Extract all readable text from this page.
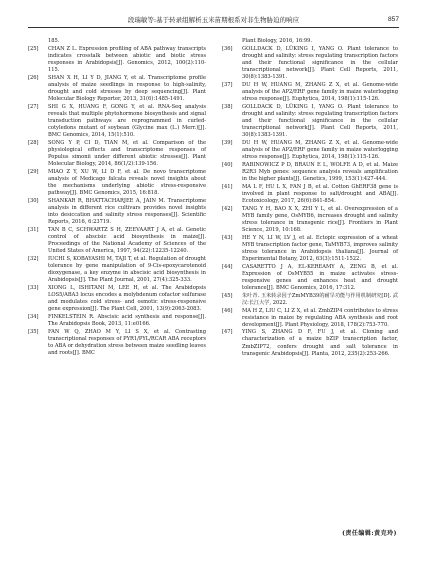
段瑞敏等:基于转录组解析玉米苗期根系对非生物胁迫的响应	857
185.
[25] CHAN Z L. Expression profiling of ABA pathway transcripts indicates crosstalk between abiotic and biotic stress responses in Arabidopsis[J]. Genomics, 2012, 100(2):110-115.
[26] SHAN X H, LI Y D, JIANG Y, et al. Transcriptome profile analysis of maize seedlings in response to high-salinity, drought and cold stresses by deep sequencing[J]. Plant Molecular Biology Reporter, 2013, 31(6):1485-1491.
[27] SHI G X, HUANG F, GONG Y, et al. RNA-Seq analysis reveals that multiple phytohormone biosynthesis and signal transduction pathways are reprogrammed in curled-cotyledons mutant of soybean (Glycine max (L.) Merr.)[J]. BMC Genomics, 2014, 15(1):510.
[28] SONG Y P, CI D, TIAN M, et al. Comparison of the physiological effects and transcriptome responses of Populus simonii under different abiotic stresses[J]. Plant Molecular Biology, 2014, 86(1/2):139-156.
[29] MIAO Z Y, XU W, LI D F, et al. De novo transcriptome analysis of Medicago falcata reveals novel insights about the mechanisms underlying abiotic stress-responsive pathway[J]. BMC Genomics, 2015, 16:818.
[30] SHANKAR R, BHATTACHARJEE A, JAIN M. Transcriptome analysis in different rice cultivars provides novel insights into desiccation and salinity stress responses[J]. Scientific Reports, 2016, 6:23719.
[31] TAN B C, SCHWARTZ S H, ZEEVAART J A, et al. Genetic control of abscisic acid biosynthesis in maize[J]. Proceedings of the National Academy of Sciences of the United States of America, 1997, 94(22):12235-12240.
[32] IUCHI S, KOBAYASHI M, TAJI T, et al. Regulation of drought tolerance by gene manipulation of 9-Cis-epoxycarotenoid dioxygenase, a key enzyme in abscisic acid biosynthesis in Arabidopsis[J]. The Plant Journal, 2001, 27(4):325-333.
[33] XIONG L, ISHITANI M, LEE H, et al. The Arabidopsis LOS5/ABA3 locus encodes a molybdenum cofactor sulfurase and modulates cold stress- and osmotic stress-responsive gene expression[J]. The Plant Cell, 2001, 13(9):2063-2083.
[34] FINKELSTEIN R. Abscisic acid synthesis and response[J]. The Arabidopsis Book, 2013, 11:e0166.
[35] FAN W Q, ZHAO M Y, LI S X, et al. Contrasting transcriptional responses of PYR1/PYL/RCAR ABA receptors to ABA or dehydration stress between maize seedling leaves and roots[J]. BMC
Plant Biology, 2016, 16:99.
[36] GOLLDACK D, LÜKING I, YANG O. Plant tolerance to drought and salinity: stress regulating transcription factors and their functional significance in the cellular transcriptional network[J]. Plant Cell Reports, 2011, 30(8):1383-1391.
[37] DU H W, HUANG M, ZHANG Z X, et al. Genome-wide analysis of the AP2/ERF gene family in maize waterlogging stress response[J]. Euphytica, 2014, 198(1):115-126.
[38] GOLLDACK D, LÜKING I, YANG O. Plant tolerance to drought and salinity: stress regulating transcription factors and their functional significance in the cellular transcriptional network[J]. Plant Cell Reports, 2011, 30(8):1383-1391.
[39] DU H W, HUANG M, ZHANG Z X, et al. Genome-wide analysis of the AP2/ERF gene family in maize waterlogging stress response[J]. Euphytica, 2014, 198(1):115-126.
[40] RABINOWICZ P D, BRAUN E L, WOLFE A D, et al. Maize R2R3 Myb genes: sequence analysis reveals amplification in the higher plants[J]. Genetics, 1999, 153(1):427-444.
[41] MA L F, HU L X, FAN J B, et al. Cotton GhERF38 gene is involved in plant response to salt/drought and ABA[J]. Ecotoxicology, 2017, 26(6):841-854.
[42] TANG Y H, BAO X X, ZHI Y L, et al. Overexpression of a MYB family gene, OsMYB6, increases drought and salinity stress tolerance in transgenic rice[J]. Frontiers in Plant Science, 2019, 10:168.
[43] HE Y N, LI W, LV J, et al. Ectopic expression of a wheat MYB transcription factor gene, TaMYB73, improves salinity stress tolerance in Arabidopsis thaliana[J]. Journal of Experimental Botany, 2012, 63(3):1511-1522.
[44] CASARETTO J A, EL-KEREAMY A, ZENG B, et al. Expression of OsMYB55 in maize activates stress-responsive genes and enhances heat and drought tolerance[J]. BMC Genomics, 2016, 17:312.
[45] 朱叶青. 玉米转录因子ZmMYB39的耐旱功能与作用机制研究[D]. 武汉:长江大学, 2022.
[46] MA H Z, LIU C, LI Z X, et al. ZmbZIP4 contributes to stress resistance in maize by regulating ABA synthesis and root development[J]. Plant Physiology, 2018, 178(2):753-770.
[47] YING S, ZHANG D F, FU J, et al. Cloning and characterization of a maize bZIP transcription factor, ZmbZIP72, confers drought and salt tolerance in transgenic Arabidopsis[J]. Planta, 2012, 235(2):253-266.
(责任编辑:黄克玲)
